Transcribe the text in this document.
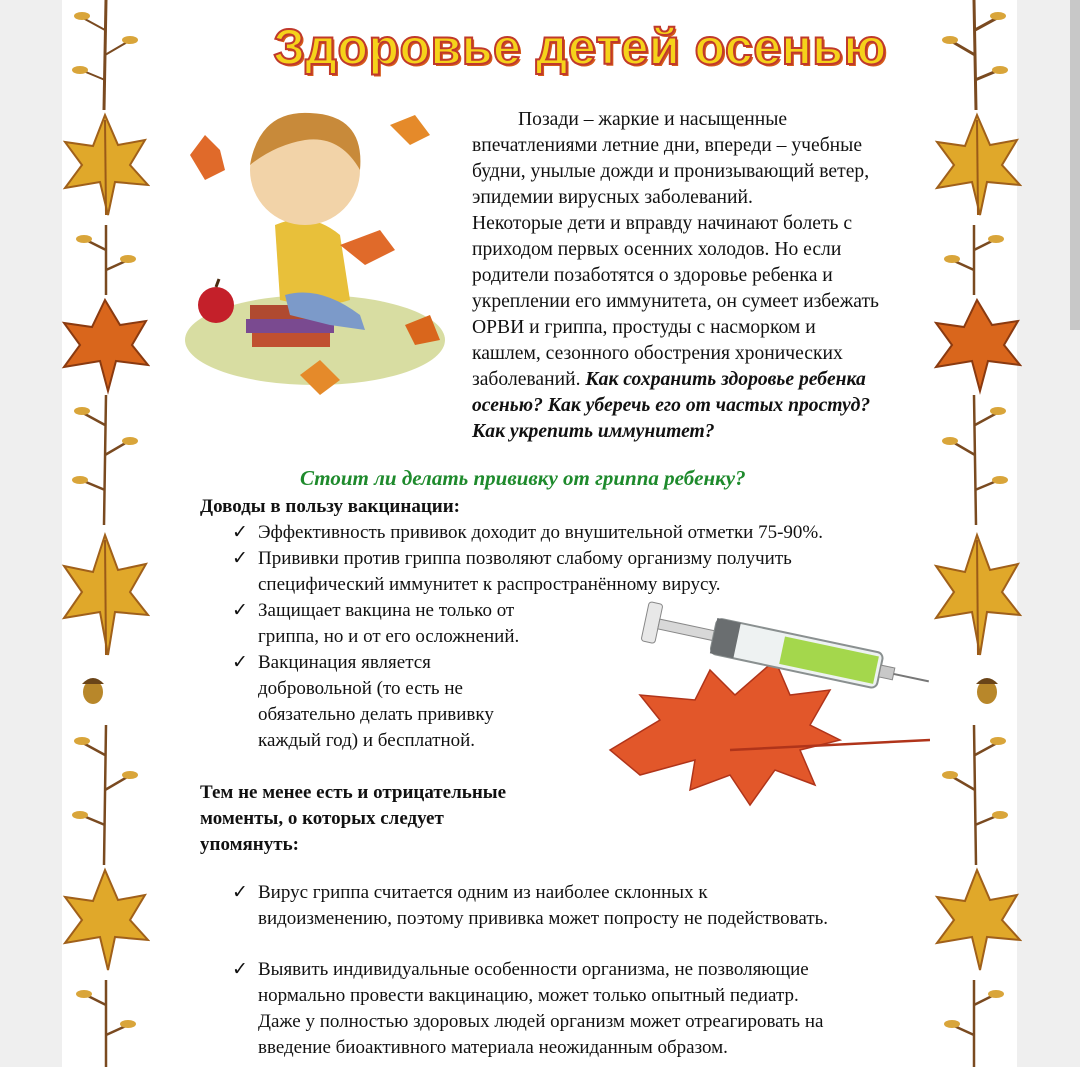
Здоровье детей осенью
Позади – жаркие и насыщенные
впечатлениями летние дни, впереди – учебные
будни, унылые дожди и пронизывающий ветер,
эпидемии вирусных заболеваний.
Некоторые дети и вправду начинают болеть с
приходом первых осенних холодов. Но если
родители позаботятся о здоровье ребенка и
укреплении его иммунитета, он сумеет избежать
ОРВИ и гриппа, простуды с насморком и
кашлем, сезонного обострения хронических
заболеваний. Как сохранить здоровье ребенка
осенью? Как уберечь его от частых простуд?
Как укрепить иммунитет?
Стоит ли делать прививку от гриппа ребенку?
Доводы в пользу вакцинации:
✓ Эффективность прививок доходит до внушительной отметки 75-90%.
✓ Прививки против гриппа позволяют слабому организму получить
специфический иммунитет к распространённому вирусу.
✓ Защищает вакцина не только от
гриппа, но и от его осложнений.
✓ Вакцинация является
добровольной (то есть не
обязательно делать прививку
каждый год) и бесплатной.
Тем не менее есть и отрицательные
моменты, о которых следует
упомянуть:
✓ Вирус гриппа считается одним из наиболее склонных к
видоизменению, поэтому прививка может попросту не подействовать.
✓ Выявить индивидуальные особенности организма, не позволяющие
нормально провести вакцинацию, может только опытный педиатр.
Даже у полностью здоровых людей организм может отреагировать на
введение биоактивного материала неожиданным образом.
